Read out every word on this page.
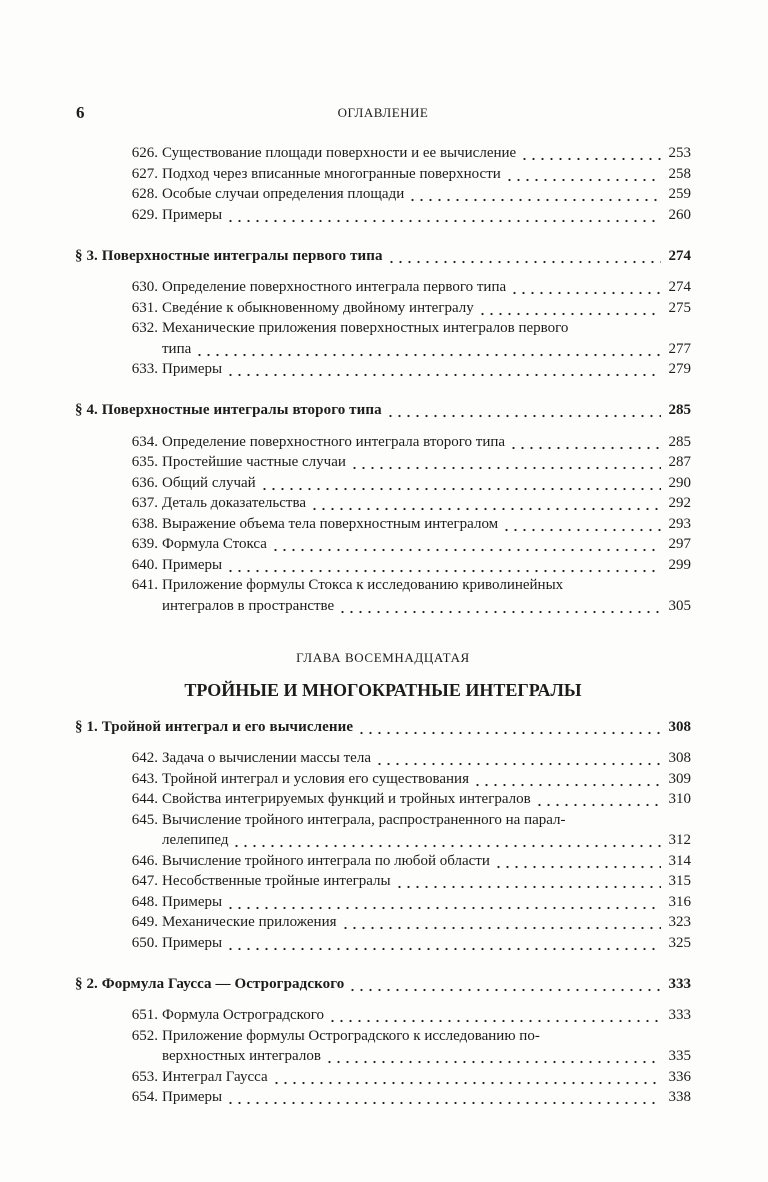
6	ОГЛАВЛЕНИЕ
626. Существование площади поверхности и ее вычисление	253
627. Подход через вписанные многогранные поверхности	258
628. Особые случаи определения площади	259
629. Примеры	260
§ 3. Поверхностные интегралы первого типа	274
630. Определение поверхностного интеграла первого типа	274
631. Сведéние к обыкновенному двойному интегралу	275
632. Механические приложения поверхностных интегралов первого
типа	277
633. Примеры	279
§ 4. Поверхностные интегралы второго типа	285
634. Определение поверхностного интеграла второго типа	285
635. Простейшие частные случаи	287
636. Общий случай	290
637. Деталь доказательства	292
638. Выражение объема тела поверхностным интегралом	293
639. Формула Стокса	297
640. Примеры	299
641. Приложение формулы Стокса к исследованию криволинейных
интегралов в пространстве	305
ГЛАВА ВОСЕМНАДЦАТАЯ
ТРОЙНЫЕ И МНОГОКРАТНЫЕ ИНТЕГРАЛЫ
§ 1. Тройной интеграл и его вычисление	308
642. Задача о вычислении массы тела	308
643. Тройной интеграл и условия его существования	309
644. Свойства интегрируемых функций и тройных интегралов	310
645. Вычисление тройного интеграла, распространенного на парал-
лелепипед	312
646. Вычисление тройного интеграла по любой области	314
647. Несобственные тройные интегралы	315
648. Примеры	316
649. Механические приложения	323
650. Примеры	325
§ 2. Формула Гаусса — Остроградского	333
651. Формула Остроградского	333
652. Приложение формулы Остроградского к исследованию по-
верхностных интегралов	335
653. Интеграл Гаусса	336
654. Примеры	338
